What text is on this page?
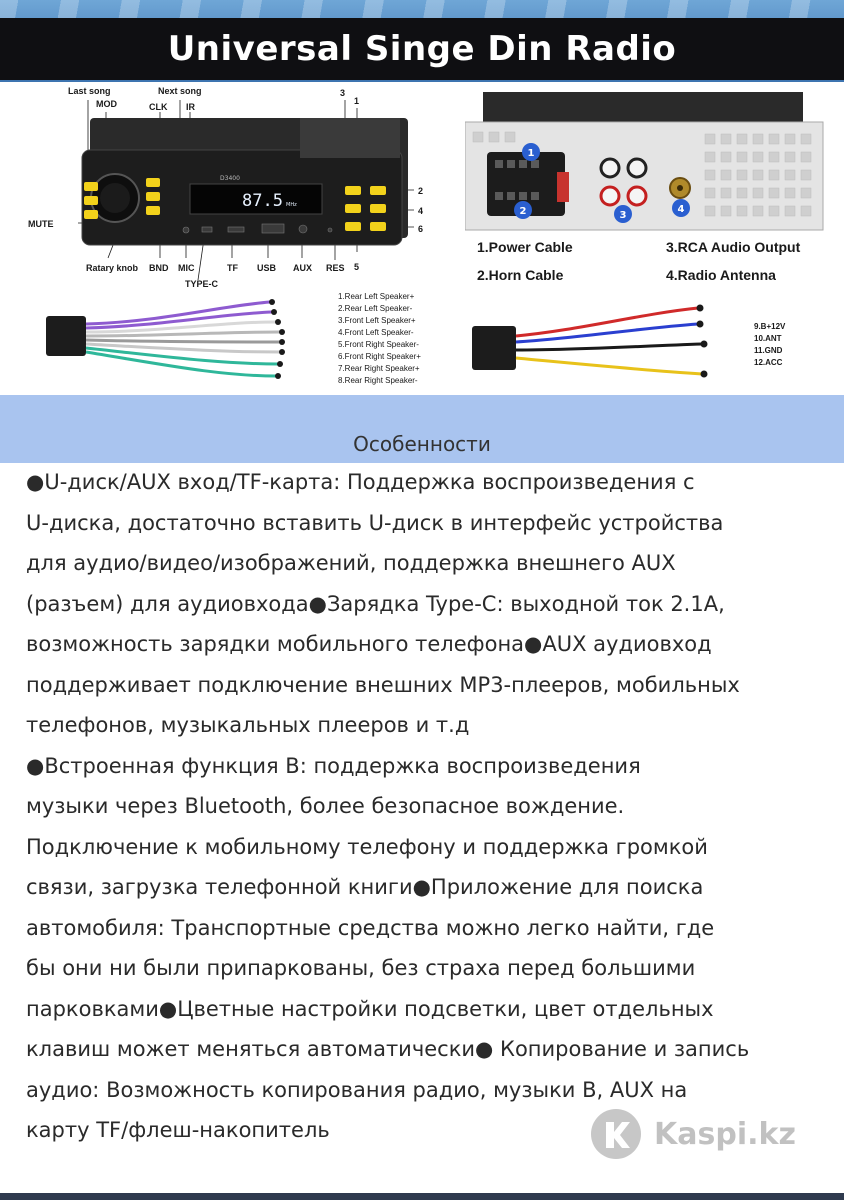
Universal Singe Din Radio
87.5 MHz
D3400
Last song
MOD	CLK
Next song
IR
3
1
2
4
6
5
MUTE
Ratary knob BND MIC	TF USB AUX RES
TYPE-C
1
2	3
4
1.Power Cable
2.Horn Cable
3.RCA Audio Output
4.Radio Antenna
1.Rear Left Speaker+
2.Rear Left Speaker-
3.Front Left Speaker+
4.Front Left Speaker-
5.Front Right Speaker-
6.Front Right Speaker+
7.Rear Right Speaker+
8.Rear Right Speaker-
9.B+12V
10.ANT
11.GND
12.ACC
Особенности
●U-диск/AUX вход/TF-карта: Поддержка воспроизведения с
U-диска, достаточно вставить U-диск в интерфейс устройства
для аудио/видео/изображений, поддержка внешнего AUX
(разъем) для аудиовхода●Зарядка Type-C: выходной ток 2.1A,
возможность зарядки мобильного телефона●AUX аудиовход
поддерживает подключение внешних MP3-плееров, мобильных
телефонов, музыкальных плееров и т.д
●Встроенная функция B: поддержка воспроизведения
музыки через Bluetooth, более безопасное вождение.
Подключение к мобильному телефону и поддержка громкой
связи, загрузка телефонной книги●Приложение для поиска
автомобиля: Транспортные средства можно легко найти, где
бы они ни были припаркованы, без страха перед большими
парковками●Цветные настройки подсветки, цвет отдельных
клавиш может меняться автоматически● Копирование и запись
аудио: Возможность копирования радио, музыки B, AUX на
карту TF/флеш-накопитель	Kaspi.kz
